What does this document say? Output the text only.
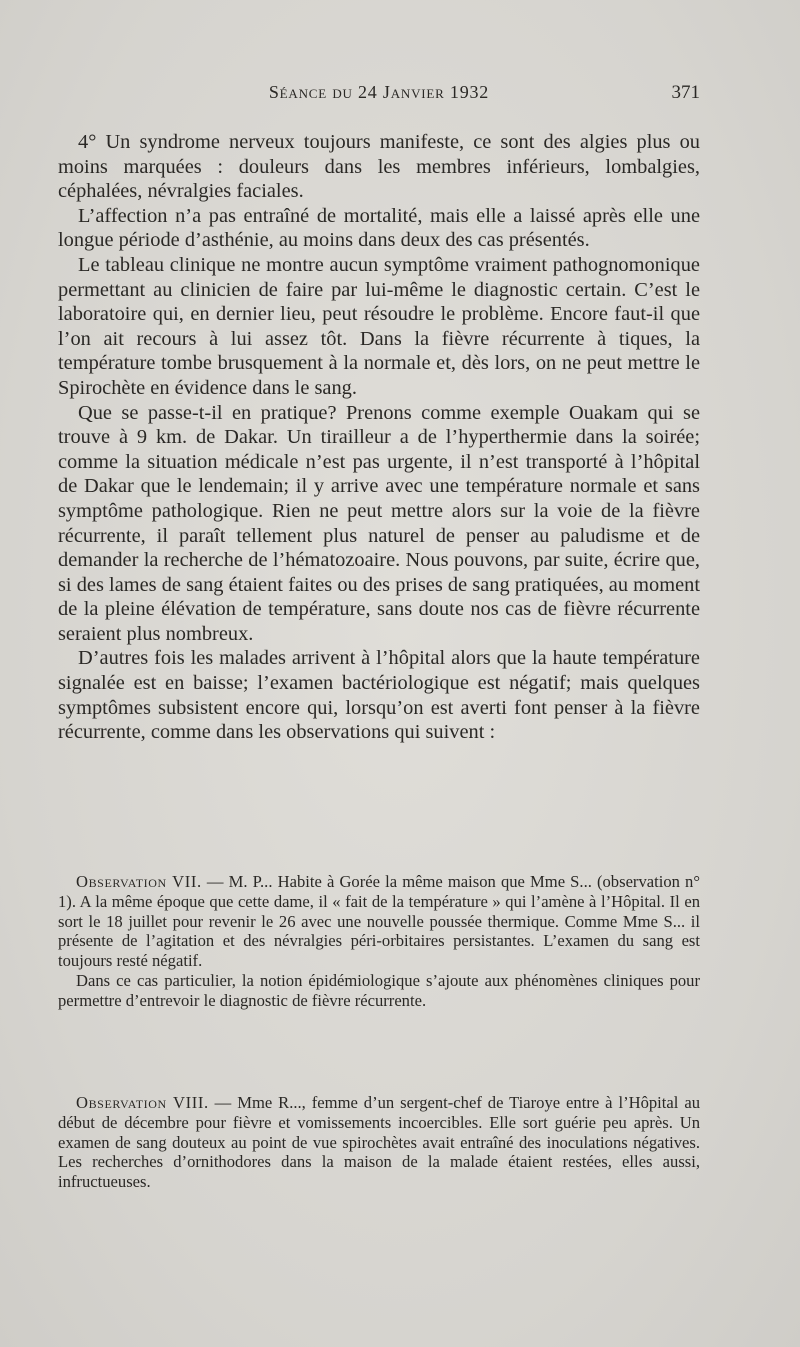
Séance du 24 Janvier 1932	371

4° Un syndrome nerveux toujours manifeste, ce sont des algies plus ou moins marquées : douleurs dans les membres inférieurs, lombalgies, céphalées, névralgies faciales.

L’affection n’a pas entraîné de mortalité, mais elle a laissé après elle une longue période d’asthénie, au moins dans deux des cas présentés.

Le tableau clinique ne montre aucun symptôme vraiment pathognomonique permettant au clinicien de faire par lui-même le diagnostic certain. C’est le laboratoire qui, en dernier lieu, peut résoudre le problème. Encore faut-il que l’on ait recours à lui assez tôt. Dans la fièvre récurrente à tiques, la température tombe brusquement à la normale et, dès lors, on ne peut mettre le Spirochète en évidence dans le sang.

Que se passe-t-il en pratique? Prenons comme exemple Ouakam qui se trouve à 9 km. de Dakar. Un tirailleur a de l’hyperthermie dans la soirée; comme la situation médicale n’est pas urgente, il n’est transporté à l’hôpital de Dakar que le lendemain; il y arrive avec une température normale et sans symptôme pathologique. Rien ne peut mettre alors sur la voie de la fièvre récurrente, il paraît tellement plus naturel de penser au paludisme et de demander la recherche de l’hématozoaire. Nous pouvons, par suite, écrire que, si des lames de sang étaient faites ou des prises de sang pratiquées, au moment de la pleine élévation de température, sans doute nos cas de fièvre récurrente seraient plus nombreux.

D’autres fois les malades arrivent à l’hôpital alors que la haute température signalée est en baisse; l’examen bactériologique est négatif; mais quelques symptômes subsistent encore qui, lorsqu’on est averti font penser à la fièvre récurrente, comme dans les observations qui suivent :

Observation VII. — M. P... Habite à Gorée la même maison que Mme S... (observation n° 1). A la même époque que cette dame, il « fait de la température » qui l’amène à l’Hôpital. Il en sort le 18 juillet pour revenir le 26 avec une nouvelle poussée thermique. Comme Mme S... il présente de l’agitation et des névralgies péri-orbitaires persistantes. L’examen du sang est toujours resté négatif.

Dans ce cas particulier, la notion épidémiologique s’ajoute aux phénomènes cliniques pour permettre d’entrevoir le diagnostic de fièvre récurrente.

Observation VIII. — Mme R..., femme d’un sergent-chef de Tiaroye entre à l’Hôpital au début de décembre pour fièvre et vomissements incoercibles. Elle sort guérie peu après. Un examen de sang douteux au point de vue spirochètes avait entraîné des inoculations négatives. Les recherches d’ornithodores dans la maison de la malade étaient restées, elles aussi, infructueuses.
